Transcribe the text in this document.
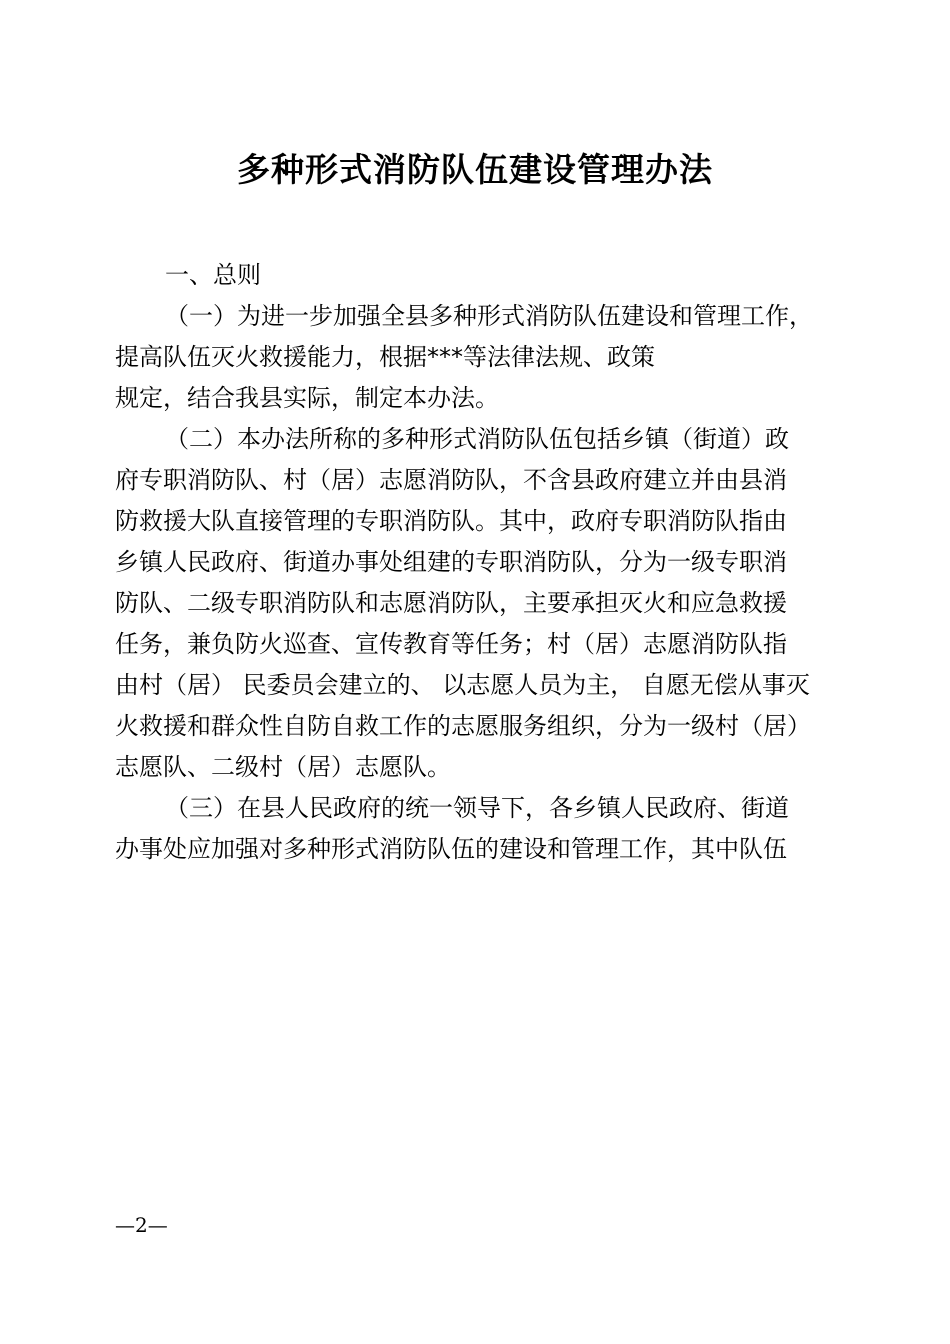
多种形式消防队伍建设管理办法
一、总则
（一）为进一步加强全县多种形式消防队伍建设和管理工作，
提高队伍灭火救援能力，根据***等法律法规、政策
规定，结合我县实际，制定本办法。
（二）本办法所称的多种形式消防队伍包括乡镇（街道）政
府专职消防队、村（居）志愿消防队，不含县政府建立并由县消
防救援大队直接管理的专职消防队。其中，政府专职消防队指由
乡镇人民政府、街道办事处组建的专职消防队，分为一级专职消
防队、二级专职消防队和志愿消防队，主要承担灭火和应急救援
任务，兼负防火巡查、宣传教育等任务；村（居）志愿消防队指
由村（居） 民委员会建立的、 以志愿人员为主， 自愿无偿从事灭
火救援和群众性自防自救工作的志愿服务组织，分为一级村（居）
志愿队、二级村（居）志愿队。
（三）在县人民政府的统一领导下，各乡镇人民政府、街道
办事处应加强对多种形式消防队伍的建设和管理工作，其中队伍
—2—
